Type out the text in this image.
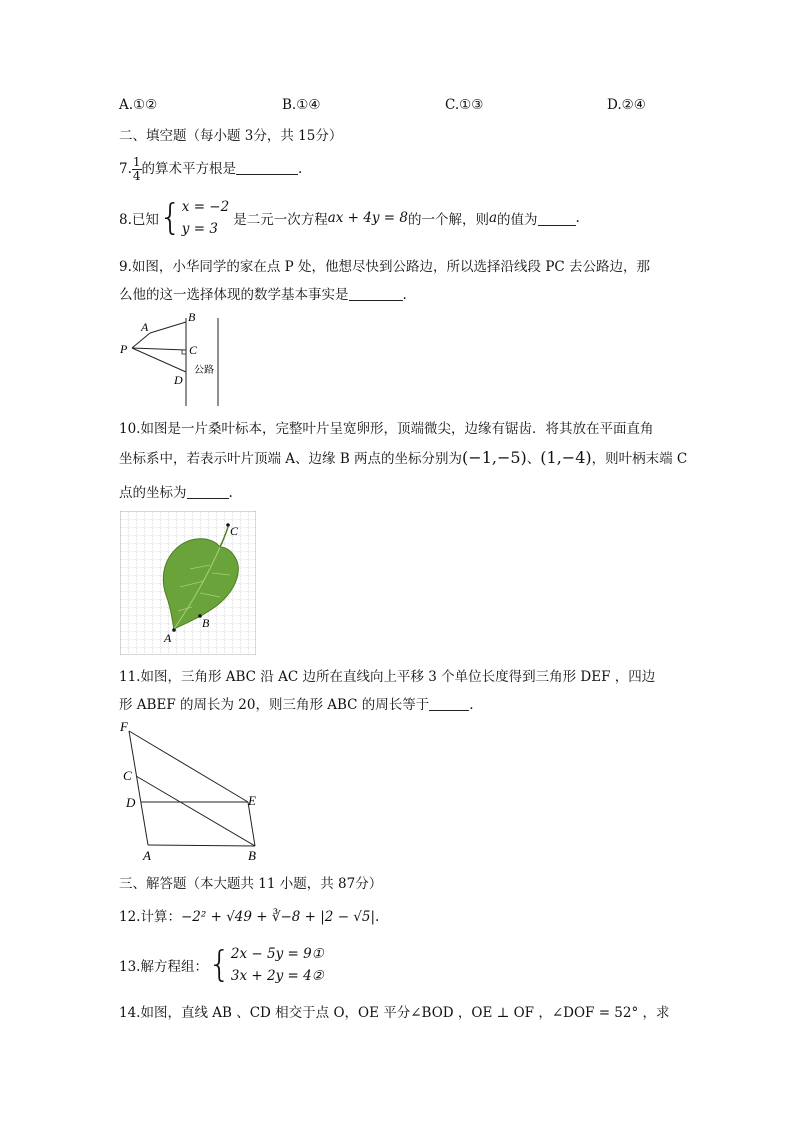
A.①②	B.①④	C.①③	D.②④
二、填空题（每小题 3分，共 15分）
7. $\frac{1}{4}$ 的算术平方根是	.
8.已知 { x = −2
y = 3
是二元一次方程 ax + 4y = 8 的一个解，则 a 的值为	.
9.如图，小华同学的家在点 P 处，他想尽快到公路边，所以选择沿线段 PC 去公路边，那
么他的这一选择体现的数学基本事实是	.
A
B
P	C
D
公路
10.如图是一片桑叶标本，完整叶片呈宽卵形，顶端微尖，边缘有锯齿．将其放在平面直角
坐标系中，若表示叶片顶端 A、边缘 B 两点的坐标分别为(−1,−5)、(1,−4)，则叶柄末端 C
点的坐标为	.
C
B
A
11.如图，三角形 ABC 沿 AC 边所在直线向上平移 3 个单位长度得到三角形 DEF ，四边
形 ABEF 的周长为 20，则三角形 ABC 的周长等于	.
F
C
D	E
A	B
三、解答题（本大题共 11 小题，共 87分）
12.计算：−2² + √49 + ∛−8 + |2 − √5|.
13.解方程组： { 2x − 5y = 9①
3x + 2y = 4②
14.如图，直线 AB 、CD 相交于点 O，OE 平分∠BOD ，OE ⊥ OF ，∠DOF = 52° ，求
